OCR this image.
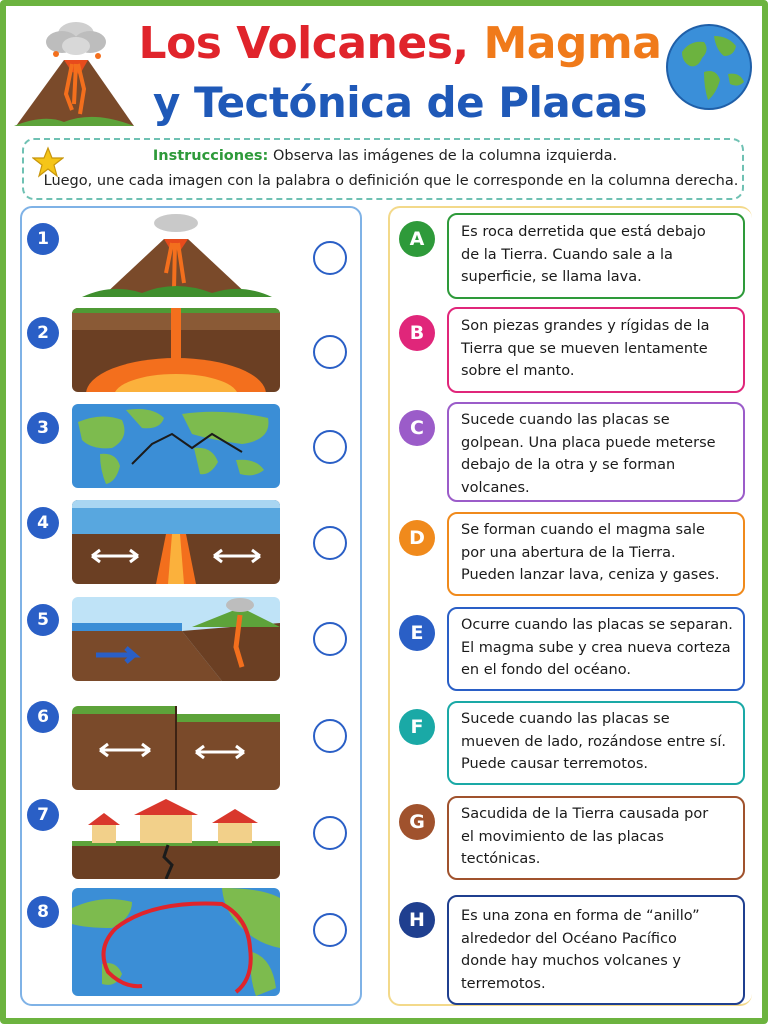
Los Volcanes, Magma
y Tectónica de Placas
Instrucciones: Observa las imágenes de la columna izquierda.
Luego, une cada imagen con la palabra o definición que le corresponde en la columna derecha.
1
2
3
4
5
6
7
8
A	Es roca derretida que está debajo
de la Tierra. Cuando sale a la
superficie, se llama lava.
B	Son piezas grandes y rígidas de la
Tierra que se mueven lentamente
sobre el manto.
C	Sucede cuando las placas se
golpean. Una placa puede meterse
debajo de la otra y se forman
volcanes.
D	Se forman cuando el magma sale
por una abertura de la Tierra.
Pueden lanzar lava, ceniza y gases.
E	Ocurre cuando las placas se separan.
El magma sube y crea nueva corteza
en el fondo del océano.
F	Sucede cuando las placas se
mueven de lado, rozándose entre sí.
Puede causar terremotos.
G	Sacudida de la Tierra causada por
el movimiento de las placas
tectónicas.
H	Es una zona en forma de “anillo”
alrededor del Océano Pacífico
donde hay muchos volcanes y
terremotos.
